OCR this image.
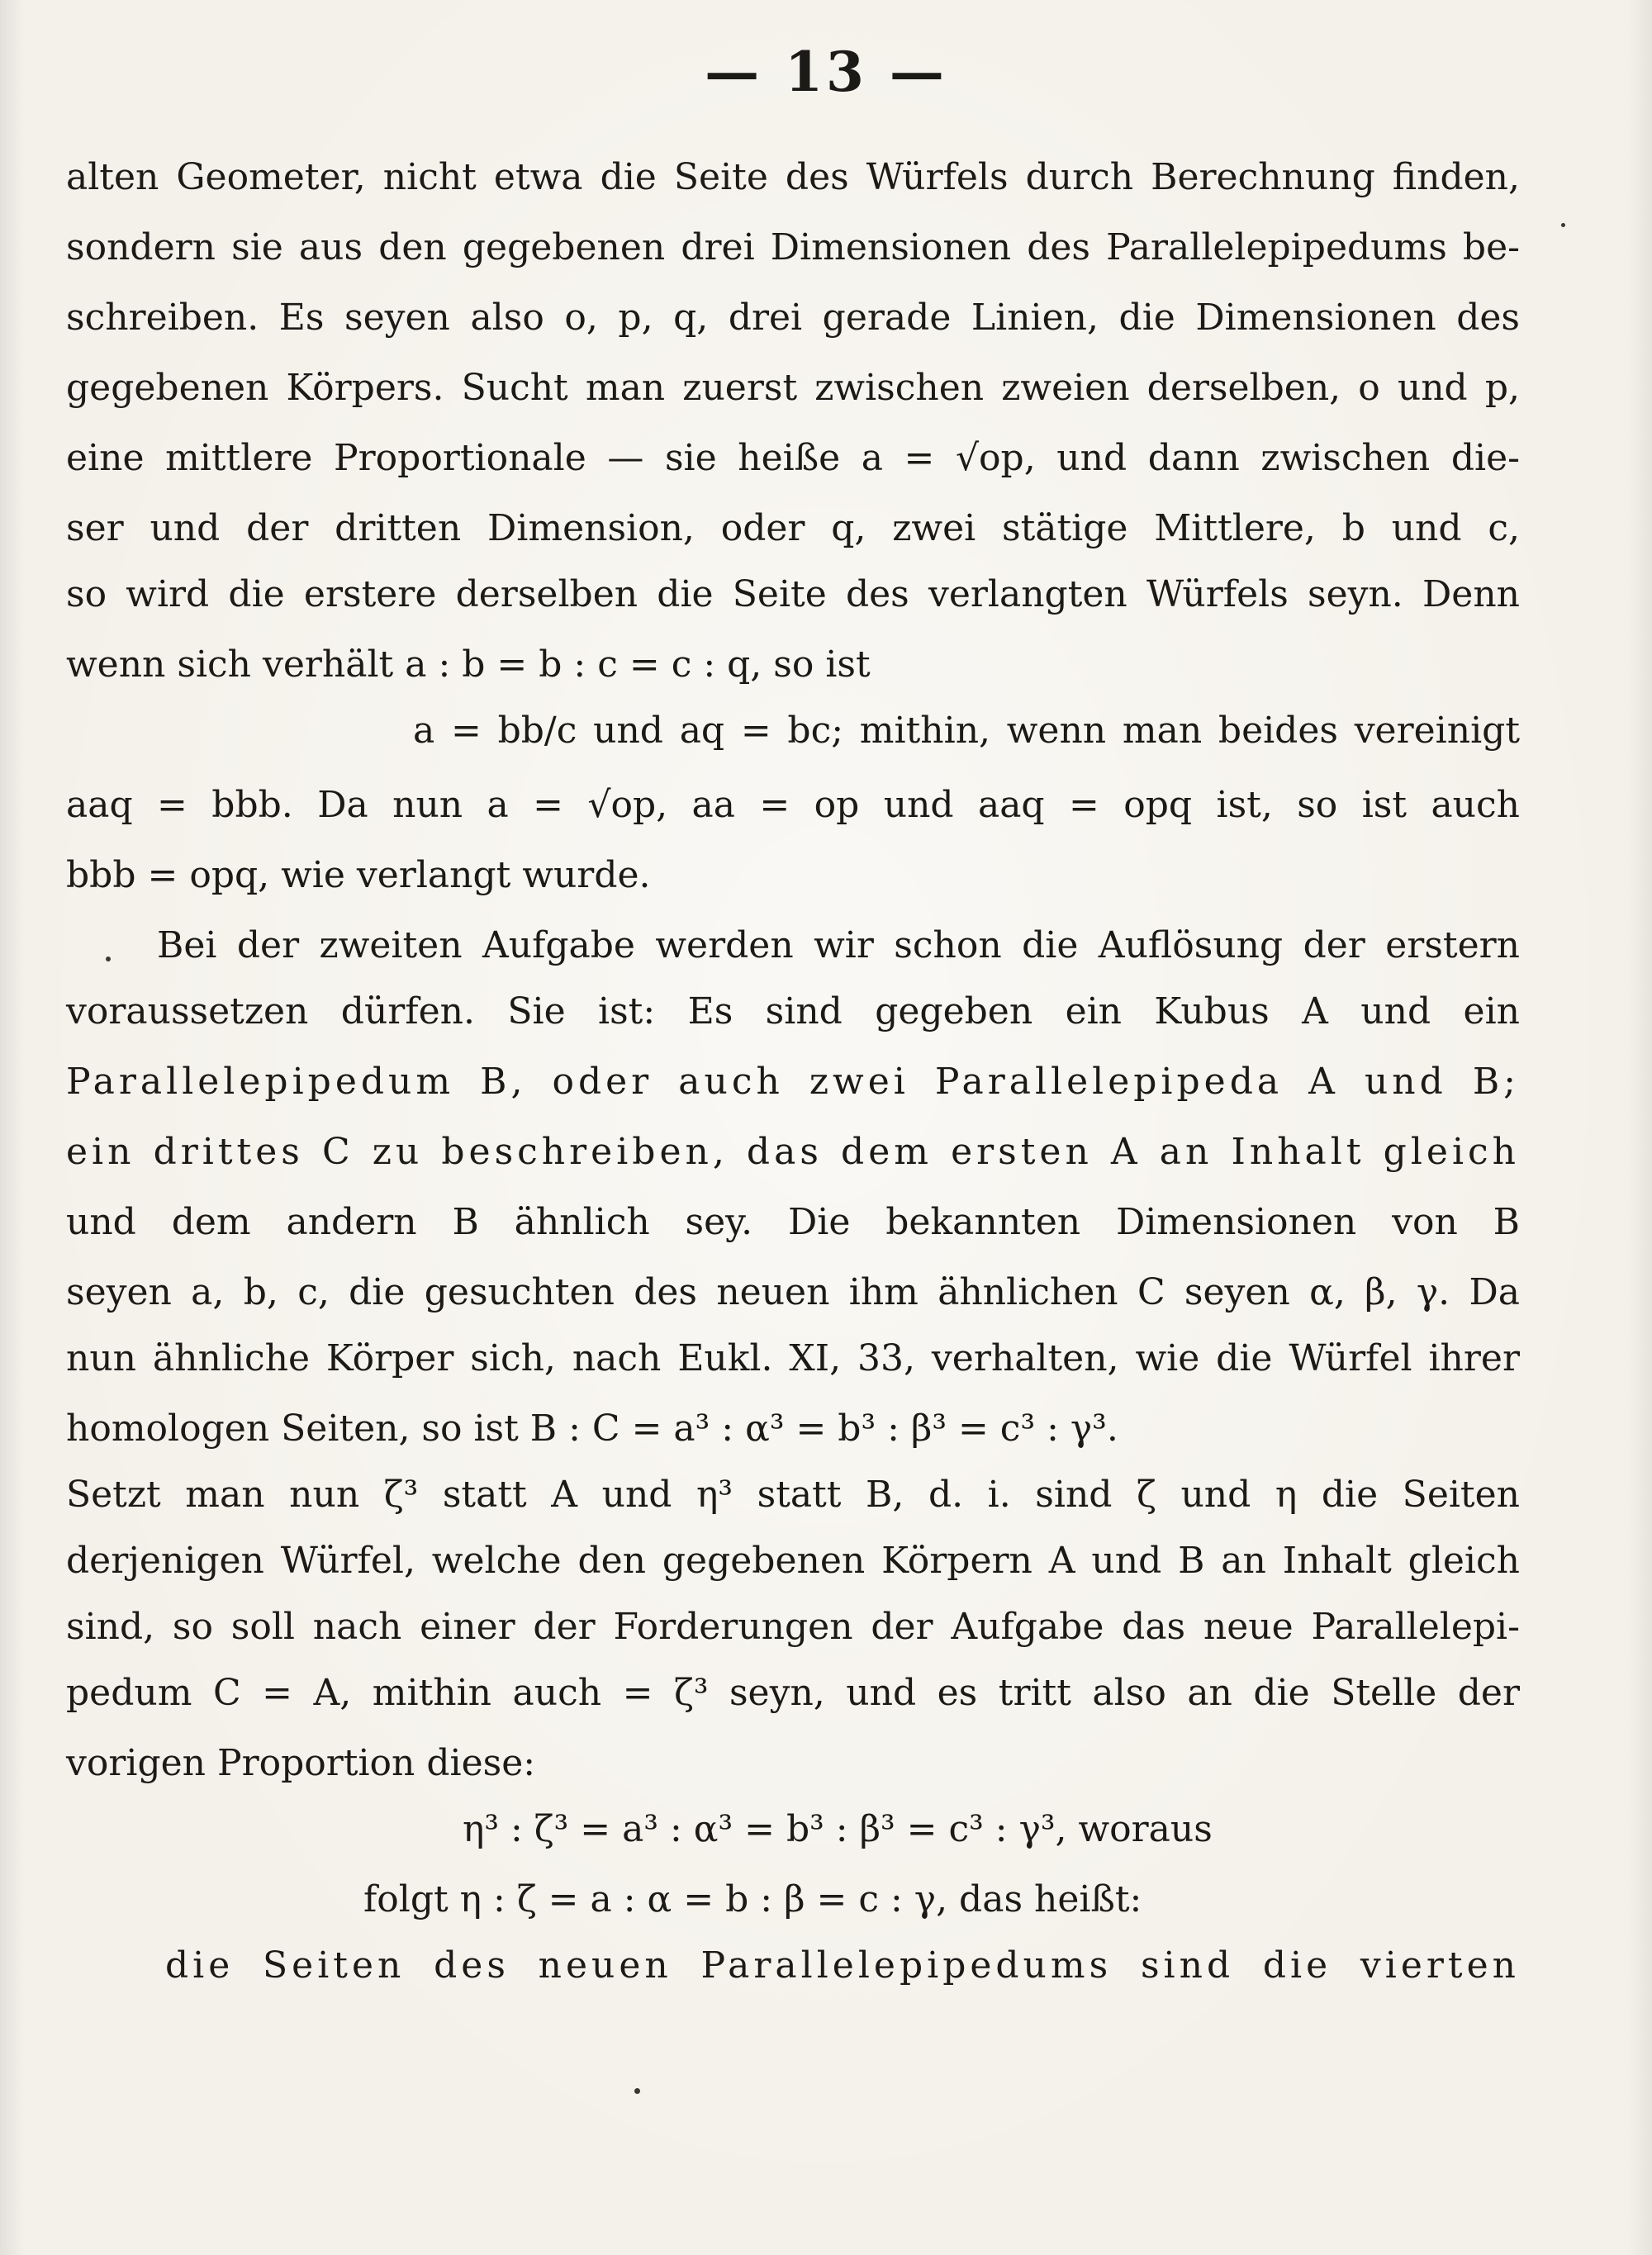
— 13 —
alten Geometer, nicht etwa die Seite des Würfels durch Berechnung finden,
sondern sie aus den gegebenen drei Dimensionen des Parallelepipedums be-
schreiben. Es seyen also o, p, q, drei gerade Linien, die Dimensionen des
gegebenen Körpers. Sucht man zuerst zwischen zweien derselben, o und p,
eine mittlere Proportionale — sie heiße a = √op, und dann zwischen die-
ser und der dritten Dimension, oder q, zwei stätige Mittlere, b und c,
so wird die erstere derselben die Seite des verlangten Würfels seyn. Denn
wenn sich verhält a : b = b : c = c : q, so ist
a = bb/c und aq = bc; mithin, wenn man beides vereinigt
aaq = bbb. Da nun a = √op, aa = op und aaq = opq ist, so ist auch
bbb = opq, wie verlangt wurde.
Bei der zweiten Aufgabe werden wir schon die Auflösung der erstern
voraussetzen dürfen. Sie ist: Es sind gegeben ein Kubus A und ein
Parallelepipedum B, oder auch zwei Parallelepipeda A und B;
ein drittes C zu beschreiben, das dem ersten A an Inhalt gleich
und dem andern B ähnlich sey. Die bekannten Dimensionen von B
seyen a, b, c, die gesuchten des neuen ihm ähnlichen C seyen α, β, γ. Da
nun ähnliche Körper sich, nach Eukl. XI, 33, verhalten, wie die Würfel ihrer
homologen Seiten, so ist B : C = a³ : α³ = b³ : β³ = c³ : γ³.
Setzt man nun ζ³ statt A und η³ statt B, d. i. sind ζ und η die Seiten
derjenigen Würfel, welche den gegebenen Körpern A und B an Inhalt gleich
sind, so soll nach einer der Forderungen der Aufgabe das neue Parallelepi-
pedum C = A, mithin auch = ζ³ seyn, und es tritt also an die Stelle der
vorigen Proportion diese:
η³ : ζ³ = a³ : α³ = b³ : β³ = c³ : γ³, woraus
folgt η : ζ = a : α = b : β = c : γ, das heißt:
die Seiten des neuen Parallelepipedums sind die vierten
